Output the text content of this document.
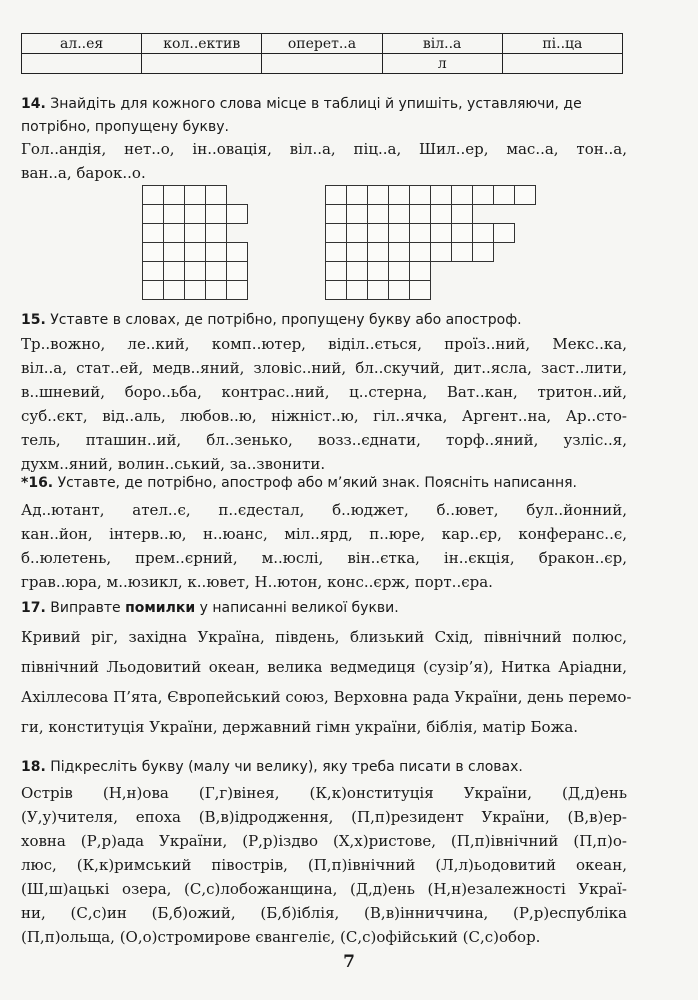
ал..ея	кол..ектив	оперет..а	віл..а	пі..ца
			л	
14. Знайдіть для кожного слова місце в таблиці й упишіть, уставляючи, де потрібно, пропущену букву.
Гол..андія, нет..о, ін..овація, віл..а, піц..а, Шил..ер, мас..а, тон..а,
ван..а, барок..о.
15. Уставте в словах, де потрібно, пропущену букву або апостроф.
Тр..вожно, ле..кий, комп..ютер, віділ..ється, проїз..ний, Мекс..ка,
віл..а, стат..ей, медв..яний, зловіс..ний, бл..скучий, дит..ясла, заст..лити,
в..шневий, боро..ьба, контрас..ний, ц..стерна, Ват..кан, тритон..ий,
суб..єкт, від..аль, любов..ю, ніжніст..ю, гіл..ячка, Аргент..на, Ар..сто-
тель, пташин..ий, бл..зенько, возз..єднати, торф..яний, узліс..я,
духм..яний, волин..ський, за..звонити.
*16. Уставте, де потрібно, апостроф або м’який знак. Поясніть написання.
Ад..ютант, ател..є, п..єдестал, б..юджет, б..ювет, бул..йонний,
кан..йон, інтерв..ю, н..юанс, міл..ярд, п..юре, кар..єр, конферанс..є,
б..юлетень, прем..єрний, м..юслі, він..єтка, ін..єкція, бракон..єр,
грав..юра, м..юзикл, к..ювет, Н..ютон, конс..єрж, порт..єра.
17. Виправте помилки у написанні великої букви.
Кривий ріг, західна Україна, південь, близький Схід, північний полюс,
північний Льодовитий океан, велика ведмедиця (сузір’я), Нитка Аріадни,
Ахіллесова П’ята, Європейський союз, Верховна рада України, день перемо-
ги, конституція України, державний гімн україни, біблія, матір Божа.
18. Підкресліть букву (малу чи велику), яку треба писати в словах.
Острів (Н,н)ова (Г,г)вінея, (К,к)онституція України, (Д,д)ень
(У,у)чителя, епоха (В,в)ідродження, (П,п)резидент України, (В,в)ер-
ховна (Р,р)ада України, (Р,р)іздво (Х,х)ристове, (П,п)івнічний (П,п)о-
люс, (К,к)римський півострів, (П,п)івнічний (Л,л)ьодовитий океан,
(Ш,ш)ацькі озера, (С,с)лобожанщина, (Д,д)ень (Н,н)езалежності Украї-
ни, (С,с)ин (Б,б)ожий, (Б,б)іблія, (В,в)інниччина, (Р,р)еспубліка
(П,п)ольща, (О,о)стромирове євангеліє, (С,с)офійський (С,с)обор.
7
